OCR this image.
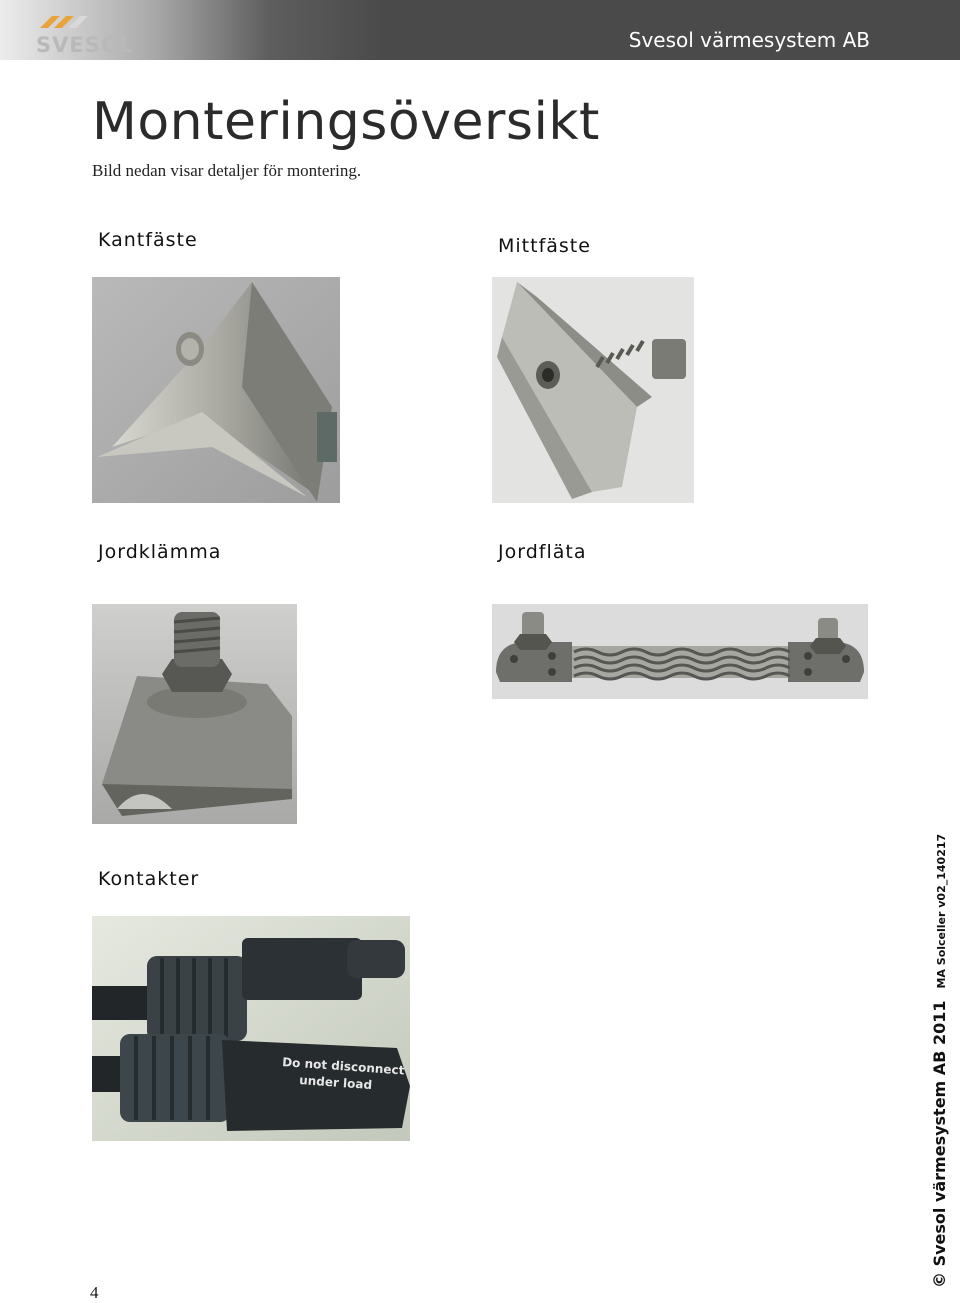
SVESOL	Svesol värmesystem AB
Monteringsöversikt

Bild nedan visar detaljer för montering.

Kantfäste	Mittfäste
Jordklämma	Jordfläta
Kontakter
Do not disconnect
under load	© Svesol värmesystem AB 2011MA Solceller v02_140217
4
